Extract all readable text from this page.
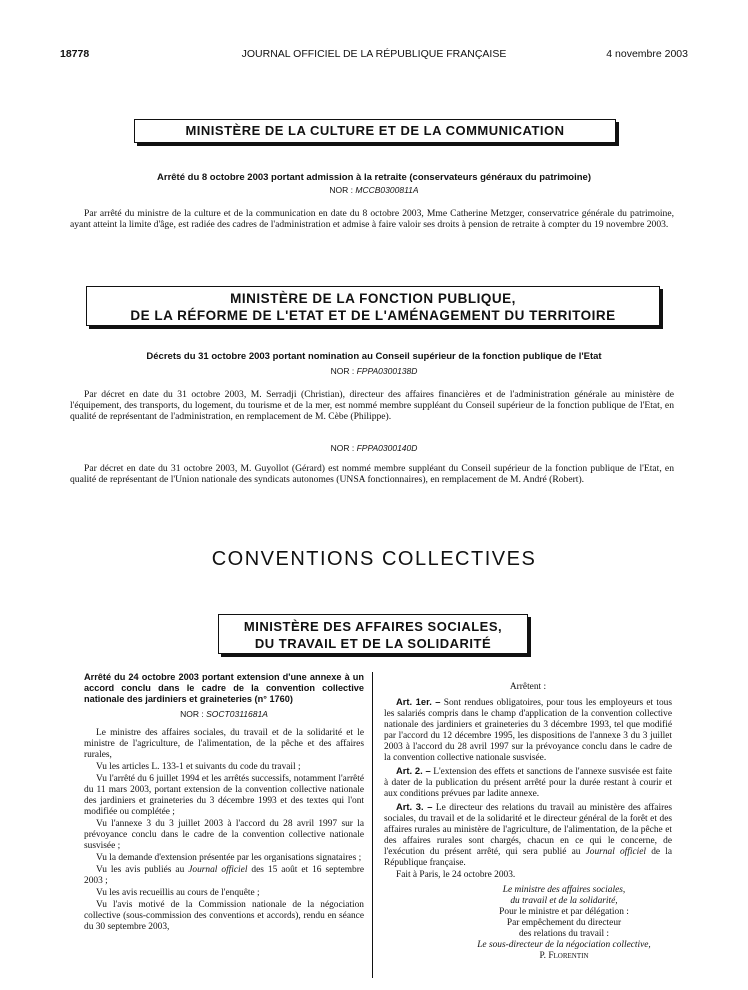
18778	JOURNAL OFFICIEL DE LA RÉPUBLIQUE FRANÇAISE	4 novembre 2003
MINISTÈRE DE LA CULTURE ET DE LA COMMUNICATION
Arrêté du 8 octobre 2003 portant admission à la retraite (conservateurs généraux du patrimoine)
NOR : MCCB0300811A

Par arrêté du ministre de la culture et de la communication en date du 8 octobre 2003, Mme Catherine Metzger, conservatrice générale du patrimoine, ayant atteint la limite d'âge, est radiée des cadres de l'administration et admise à faire valoir ses droits à pension de retraite à compter du 19 novembre 2003.

MINISTÈRE DE LA FONCTION PUBLIQUE,
DE LA RÉFORME DE L'ETAT ET DE L'AMÉNAGEMENT DU TERRITOIRE
Décrets du 31 octobre 2003 portant nomination au Conseil supérieur de la fonction publique de l'Etat
NOR : FPPA0300138D

Par décret en date du 31 octobre 2003, M. Serradji (Christian), directeur des affaires financières et de l'administration générale au ministère de l'équipement, des transports, du logement, du tourisme et de la mer, est nommé membre suppléant du Conseil supérieur de la fonction publique de l'Etat, en qualité de représentant de l'administration, en remplacement de M. Cèbe (Philippe).

NOR : FPPA0300140D

Par décret en date du 31 octobre 2003, M. Guyollot (Gérard) est nommé membre suppléant du Conseil supérieur de la fonction publique de l'Etat, en qualité de représentant de l'Union nationale des syndicats autonomes (UNSA fonctionnaires), en remplacement de M. André (Robert).

CONVENTIONS COLLECTIVES
MINISTÈRE DES AFFAIRES SOCIALES,
DU TRAVAIL ET DE LA SOLIDARITÉ

Arrêté du 24 octobre 2003 portant extension d'une annexe à un accord conclu dans le cadre de la convention collective nationale des jardiniers et graineteries (n° 1760)

NOR : SOCT0311681A

Le ministre des affaires sociales, du travail et de la solidarité et le ministre de l'agriculture, de l'alimentation, de la pêche et des affaires rurales,

Vu les articles L. 133-1 et suivants du code du travail ;

Vu l'arrêté du 6 juillet 1994 et les arrêtés successifs, notamment l'arrêté du 11 mars 2003, portant extension de la convention collective nationale des jardiniers et graineteries du 3 décembre 1993 et des textes qui l'ont modifiée ou complétée ;

Vu l'annexe 3 du 3 juillet 2003 à l'accord du 28 avril 1997 sur la prévoyance conclu dans le cadre de la convention collective nationale susvisée ;

Vu la demande d'extension présentée par les organisations signataires ;

Vu les avis publiés au Journal officiel des 15 août et 16 septembre 2003 ;

Vu les avis recueillis au cours de l'enquête ;

Vu l'avis motivé de la Commission nationale de la négociation collective (sous-commission des conventions et accords), rendu en séance du 30 septembre 2003,

Arrêtent :

Art. 1er. – Sont rendues obligatoires, pour tous les employeurs et tous les salariés compris dans le champ d'application de la convention collective nationale des jardiniers et graineteries du 3 décembre 1993, tel que modifié par l'accord du 12 décembre 1995, les dispositions de l'annexe 3 du 3 juillet 2003 à l'accord du 28 avril 1997 sur la prévoyance conclu dans le cadre de la convention collective nationale susvisée.

Art. 2. – L'extension des effets et sanctions de l'annexe susvisée est faite à dater de la publication du présent arrêté pour la durée restant à courir et aux conditions prévues par ladite annexe.

Art. 3. – Le directeur des relations du travail au ministère des affaires sociales, du travail et de la solidarité et le directeur général de la forêt et des affaires rurales au ministère de l'agriculture, de l'alimentation, de la pêche et des affaires rurales sont chargés, chacun en ce qui le concerne, de l'exécution du présent arrêté, qui sera publié au Journal officiel de la République française.

Fait à Paris, le 24 octobre 2003.

Le ministre des affaires sociales,
du travail et de la solidarité,
Pour le ministre et par délégation :
Par empêchement du directeur
des relations du travail :
Le sous-directeur de la négociation collective,
P. Florentin
